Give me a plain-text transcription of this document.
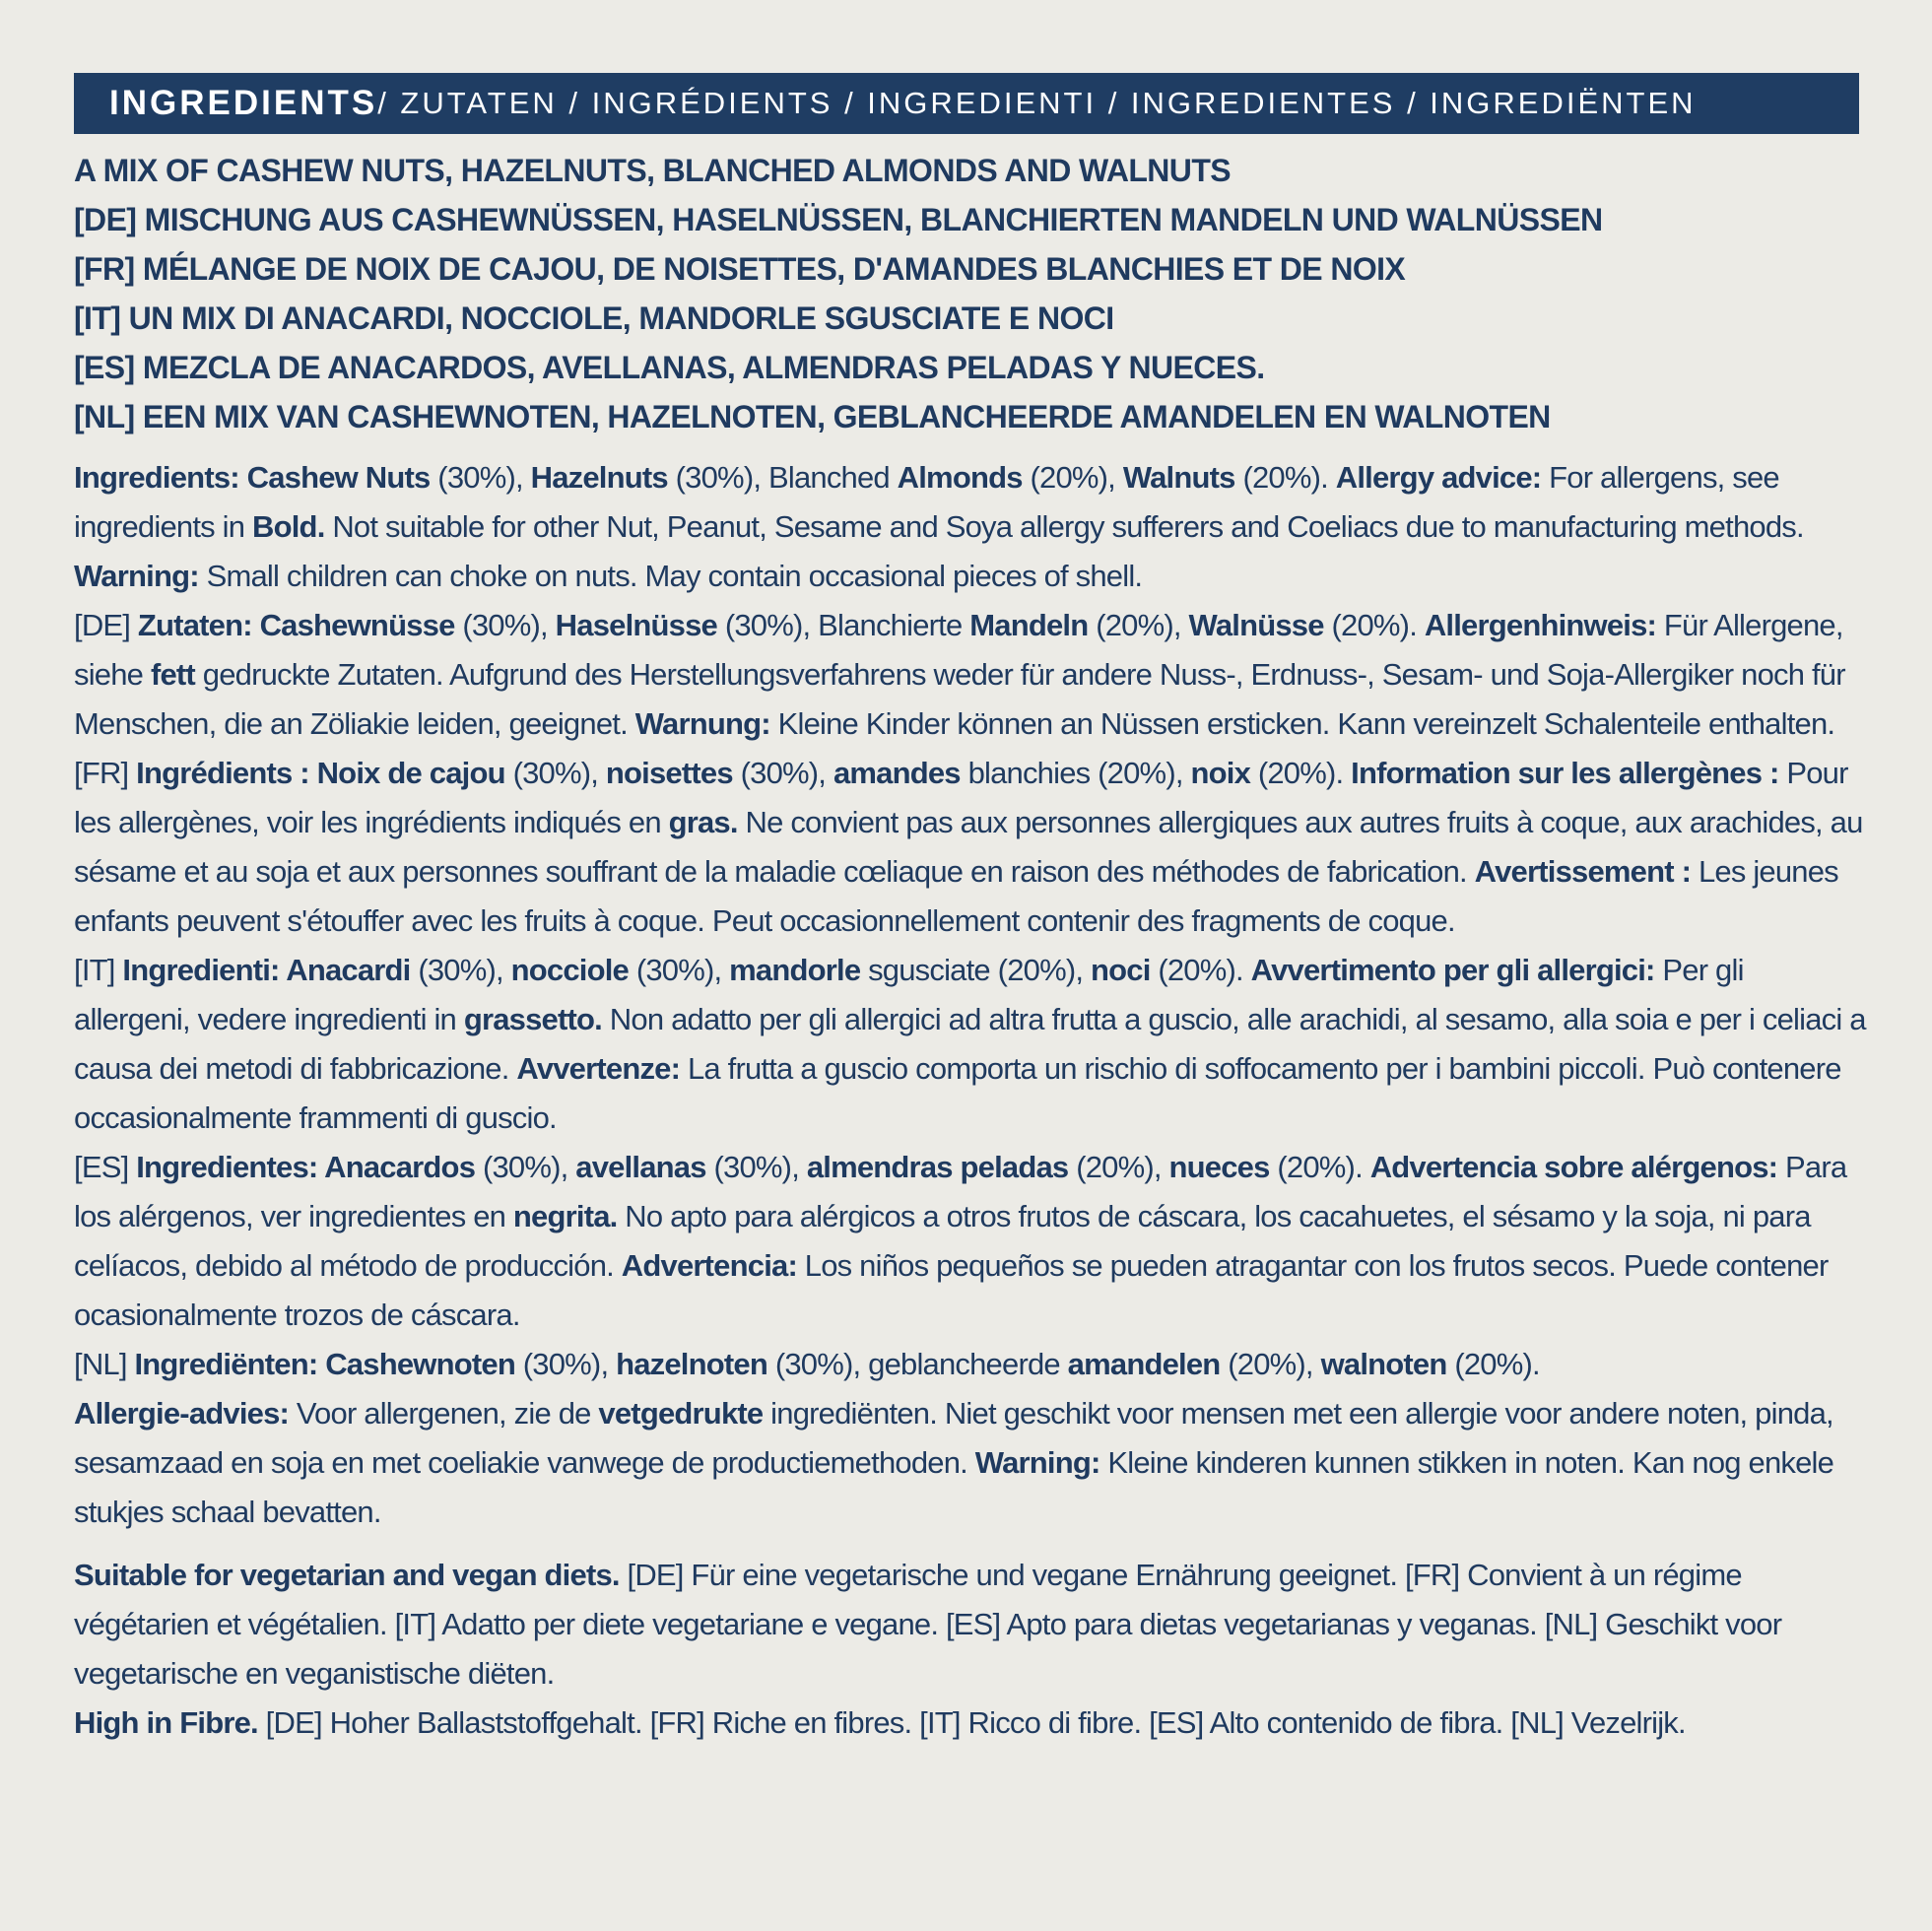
INGREDIENTS / ZUTATEN / INGRÉDIENTS / INGREDIENTI / INGREDIENTES / INGREDIËNTEN
A MIX OF CASHEW NUTS, HAZELNUTS, BLANCHED ALMONDS AND WALNUTS
[DE] MISCHUNG AUS CASHEWNÜSSEN, HASELNÜSSEN, BLANCHIERTEN MANDELN UND WALNÜSSEN
[FR] MÉLANGE DE NOIX DE CAJOU, DE NOISETTES, D'AMANDES BLANCHIES ET DE NOIX
[IT] UN MIX DI ANACARDI, NOCCIOLE, MANDORLE SGUSCIATE E NOCI
[ES] MEZCLA DE ANACARDOS, AVELLANAS, ALMENDRAS PELADAS Y NUECES.
[NL] EEN MIX VAN CASHEWNOTEN, HAZELNOTEN, GEBLANCHEERDE AMANDELEN EN WALNOTEN
Ingredients: Cashew Nuts (30%), Hazelnuts (30%), Blanched Almonds (20%), Walnuts (20%). Allergy advice: For allergens, see ingredients in Bold. Not suitable for other Nut, Peanut, Sesame and Soya allergy sufferers and Coeliacs due to manufacturing methods. Warning: Small children can choke on nuts. May contain occasional pieces of shell.
[DE] Zutaten: Cashewnüsse (30%), Haselnüsse (30%), Blanchierte Mandeln (20%), Walnüsse (20%). Allergenhinweis: Für Allergene, siehe fett gedruckte Zutaten. Aufgrund des Herstellungsverfahrens weder für andere Nuss-, Erdnuss-, Sesam- und Soja-Allergiker noch für Menschen, die an Zöliakie leiden, geeignet. Warnung: Kleine Kinder können an Nüssen ersticken. Kann vereinzelt Schalenteile enthalten.
[FR] Ingrédients : Noix de cajou (30%), noisettes (30%), amandes blanchies (20%), noix (20%). Information sur les allergènes : Pour les allergènes, voir les ingrédients indiqués en gras. Ne convient pas aux personnes allergiques aux autres fruits à coque, aux arachides, au sésame et au soja et aux personnes souffrant de la maladie cœliaque en raison des méthodes de fabrication. Avertissement : Les jeunes enfants peuvent s'étouffer avec les fruits à coque. Peut occasionnellement contenir des fragments de coque.
[IT] Ingredienti: Anacardi (30%), nocciole (30%), mandorle sgusciate (20%), noci (20%). Avvertimento per gli allergici: Per gli allergeni, vedere ingredienti in grassetto. Non adatto per gli allergici ad altra frutta a guscio, alle arachidi, al sesamo, alla soia e per i celiaci a causa dei metodi di fabbricazione. Avvertenze: La frutta a guscio comporta un rischio di soffocamento per i bambini piccoli. Può contenere occasionalmente frammenti di guscio.
[ES] Ingredientes: Anacardos (30%), avellanas (30%), almendras peladas (20%), nueces (20%). Advertencia sobre alérgenos: Para los alérgenos, ver ingredientes en negrita. No apto para alérgicos a otros frutos de cáscara, los cacahuetes, el sésamo y la soja, ni para celíacos, debido al método de producción. Advertencia: Los niños pequeños se pueden atragantar con los frutos secos. Puede contener ocasionalmente trozos de cáscara.
[NL] Ingrediënten: Cashewnoten (30%), hazelnoten (30%), geblancheerde amandelen (20%), walnoten (20%).
Allergie-advies: Voor allergenen, zie de vetgedrukte ingrediënten. Niet geschikt voor mensen met een allergie voor andere noten, pinda, sesamzaad en soja en met coeliakie vanwege de productiemethoden. Warning: Kleine kinderen kunnen stikken in noten. Kan nog enkele stukjes schaal bevatten.
Suitable for vegetarian and vegan diets. [DE] Für eine vegetarische und vegane Ernährung geeignet. [FR] Convient à un régime végétarien et végétalien. [IT] Adatto per diete vegetariane e vegane. [ES] Apto para dietas vegetarianas y veganas. [NL] Geschikt voor vegetarische en veganistische diëten.
High in Fibre. [DE] Hoher Ballaststoffgehalt. [FR] Riche en fibres. [IT] Ricco di fibre. [ES] Alto contenido de fibra. [NL] Vezelrijk.
